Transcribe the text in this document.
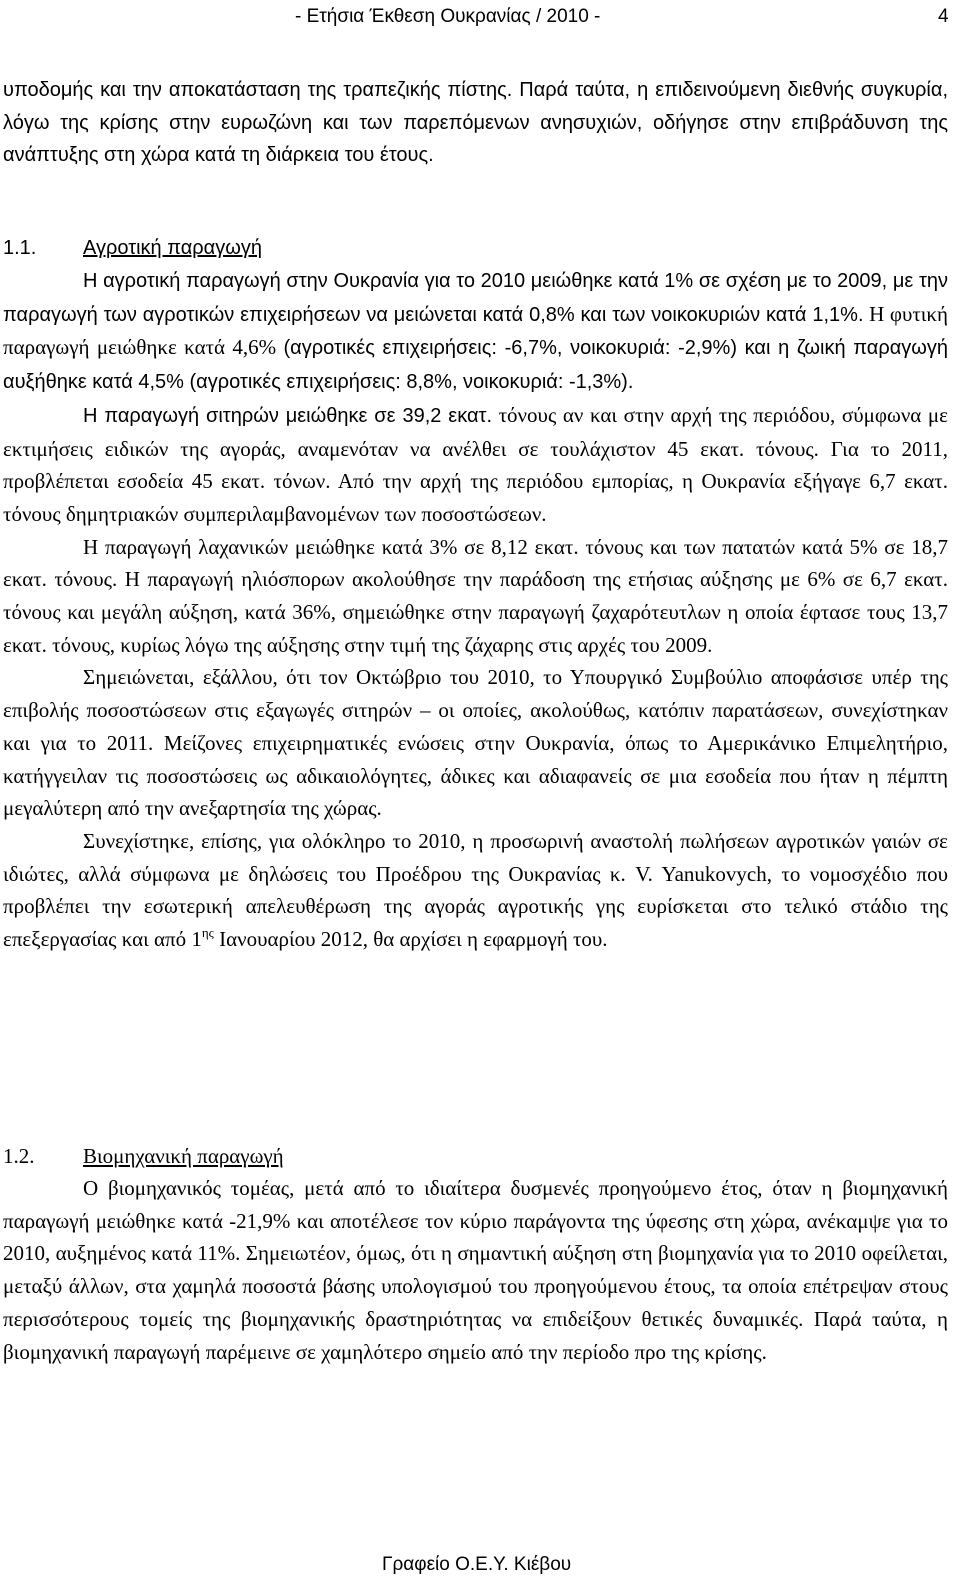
- Ετήσια Έκθεση Ουκρανίας / 2010 -	4

υποδομής και την αποκατάσταση της τραπεζικής πίστης. Παρά ταύτα, η επιδεινούμενη διεθνής συγκυρία, λόγω της κρίσης στην ευρωζώνη και των παρεπόμενων ανησυχιών, οδήγησε στην επιβράδυνση της ανάπτυξης στη χώρα κατά τη διάρκεια του έτους.

1.1. Αγροτική παραγωγή

Η αγροτική παραγωγή στην Ουκρανία για το 2010 μειώθηκε κατά 1% σε σχέση με το 2009, με την παραγωγή των αγροτικών επιχειρήσεων να μειώνεται κατά 0,8% και των νοικοκυριών κατά 1,1%. Η φυτική παραγωγή μειώθηκε κατά 4,6% (αγροτικές επιχειρήσεις: -6,7%, νοικοκυριά: -2,9%) και η ζωική παραγωγή αυξήθηκε κατά 4,5% (αγροτικές επιχειρήσεις: 8,8%, νοικοκυριά: -1,3%).

Η παραγωγή σιτηρών μειώθηκε σε 39,2 εκατ. τόνους αν και στην αρχή της περιόδου, σύμφωνα με εκτιμήσεις ειδικών της αγοράς, αναμενόταν να ανέλθει σε τουλάχιστον 45 εκατ. τόνους. Για το 2011, προβλέπεται εσοδεία 45 εκατ. τόνων. Από την αρχή της περιόδου εμπορίας, η Ουκρανία εξήγαγε 6,7 εκατ. τόνους δημητριακών συμπεριλαμβανομένων των ποσοστώσεων.

Η παραγωγή λαχανικών μειώθηκε κατά 3% σε 8,12 εκατ. τόνους και των πατατών κατά 5% σε 18,7 εκατ. τόνους. Η παραγωγή ηλιόσπορων ακολούθησε την παράδοση της ετήσιας αύξησης με 6% σε 6,7 εκατ. τόνους και μεγάλη αύξηση, κατά 36%, σημειώθηκε στην παραγωγή ζαχαρότευτλων η οποία έφτασε τους 13,7 εκατ. τόνους, κυρίως λόγω της αύξησης στην τιμή της ζάχαρης στις αρχές του 2009.

Σημειώνεται, εξάλλου, ότι τον Οκτώβριο του 2010, το Υπουργικό Συμβούλιο αποφάσισε υπέρ της επιβολής ποσοστώσεων στις εξαγωγές σιτηρών – οι οποίες, ακολούθως, κατόπιν παρατάσεων, συνεχίστηκαν και για το 2011. Μείζονες επιχειρηματικές ενώσεις στην Ουκρανία, όπως το Αμερικάνικο Επιμελητήριο, κατήγγειλαν τις ποσοστώσεις ως αδικαιολόγητες, άδικες και αδιαφανείς σε μια εσοδεία που ήταν η πέμπτη μεγαλύτερη από την ανεξαρτησία της χώρας.

Συνεχίστηκε, επίσης, για ολόκληρο το 2010, η προσωρινή αναστολή πωλήσεων αγροτικών γαιών σε ιδιώτες, αλλά σύμφωνα με δηλώσεις του Προέδρου της Ουκρανίας κ. V. Yanukovych, το νομοσχέδιο που προβλέπει την εσωτερική απελευθέρωση της αγοράς αγροτικής γης ευρίσκεται στο τελικό στάδιο της επεξεργασίας και από $1^{\eta\varsigma}$ Ιανουαρίου 2012, θα αρχίσει η εφαρμογή του.

1.2. Βιομηχανική παραγωγή

Ο βιομηχανικός τομέας, μετά από το ιδιαίτερα δυσμενές προηγούμενο έτος, όταν η βιομηχανική παραγωγή μειώθηκε κατά -21,9% και αποτέλεσε τον κύριο παράγοντα της ύφεσης στη χώρα, ανέκαμψε για το 2010, αυξημένος κατά 11%. Σημειωτέον, όμως, ότι η σημαντική αύξηση στη βιομηχανία για το 2010 οφείλεται, μεταξύ άλλων, στα χαμηλά ποσοστά βάσης υπολογισμού του προηγούμενου έτους, τα οποία επέτρεψαν στους περισσότερους τομείς της βιομηχανικής δραστηριότητας να επιδείξουν θετικές δυναμικές. Παρά ταύτα, η βιομηχανική παραγωγή παρέμεινε σε χαμηλότερο σημείο από την περίοδο προ της κρίσης.

Γραφείο Ο.Ε.Υ. Κιέβου
